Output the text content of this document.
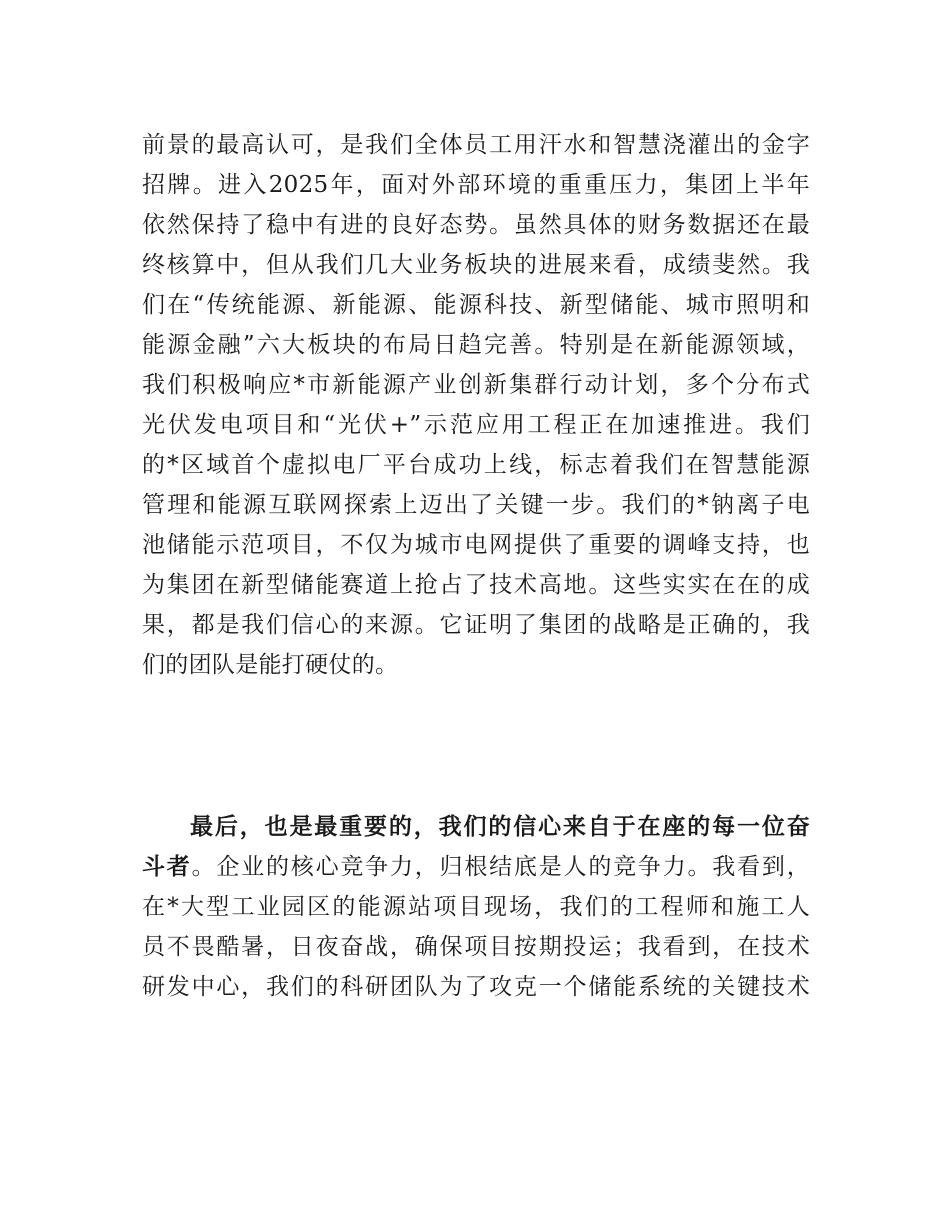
前景的最高认可，是我们全体员工用汗水和智慧浇灌出的金字
招牌。进入2025年，面对外部环境的重重压力，集团上半年
依然保持了稳中有进的良好态势。虽然具体的财务数据还在最
终核算中，但从我们几大业务板块的进展来看，成绩斐然。我
们在“传统能源、新能源、能源科技、新型储能、城市照明和
能源金融”六大板块的布局日趋完善。特别是在新能源领域，
我们积极响应*市新能源产业创新集群行动计划，多个分布式
光伏发电项目和“光伏+”示范应用工程正在加速推进。我们
的*区域首个虚拟电厂平台成功上线，标志着我们在智慧能源
管理和能源互联网探索上迈出了关键一步。我们的*钠离子电
池储能示范项目，不仅为城市电网提供了重要的调峰支持，也
为集团在新型储能赛道上抢占了技术高地。这些实实在在的成
果，都是我们信心的来源。它证明了集团的战略是正确的，我
们的团队是能打硬仗的。
最后，也是最重要的，我们的信心来自于在座的每一位奋
斗者。企业的核心竞争力，归根结底是人的竞争力。我看到，
在*大型工业园区的能源站项目现场，我们的工程师和施工人
员不畏酷暑，日夜奋战，确保项目按期投运；我看到，在技术
研发中心，我们的科研团队为了攻克一个储能系统的关键技术
